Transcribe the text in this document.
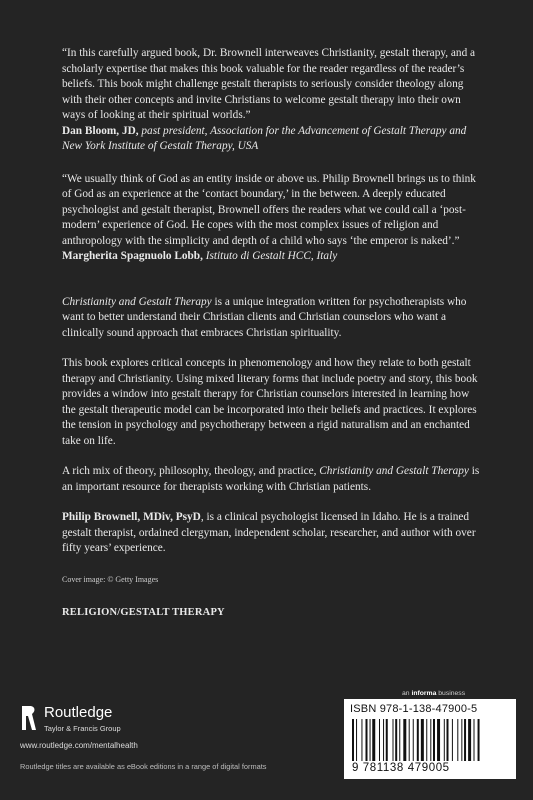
“In this carefully argued book, Dr. Brownell interweaves Christianity, gestalt therapy, and a scholarly expertise that makes this book valuable for the reader regardless of the reader’s beliefs. This book might challenge gestalt therapists to seriously consider theology along with their other concepts and invite Christians to welcome gestalt therapy into their own ways of looking at their spiritual worlds.”

Dan Bloom, JD, past president, Association for the Advancement of Gestalt Therapy and New York Institute of Gestalt Therapy, USA

“We usually think of God as an entity inside or above us. Philip Brownell brings us to think of God as an experience at the ‘contact boundary,’ in the between. A deeply educated psychologist and gestalt therapist, Brownell offers the readers what we could call a ‘post-modern’ experience of God. He copes with the most complex issues of religion and anthropology with the simplicity and depth of a child who says ‘the emperor is naked’.”

Margherita Spagnuolo Lobb, Istituto di Gestalt HCC, Italy

Christianity and Gestalt Therapy is a unique integration written for psychotherapists who want to better understand their Christian clients and Christian counselors who want a clinically sound approach that embraces Christian spirituality.

This book explores critical concepts in phenomenology and how they relate to both gestalt therapy and Christianity. Using mixed literary forms that include poetry and story, this book provides a window into gestalt therapy for Christian counselors interested in learning how the gestalt therapeutic model can be incorporated into their beliefs and practices. It explores the tension in psychology and psychotherapy between a rigid naturalism and an enchanted take on life.

A rich mix of theory, philosophy, theology, and practice, Christianity and Gestalt Therapy is an important resource for therapists working with Christian patients.

Philip Brownell, MDiv, PsyD, is a clinical psychologist licensed in Idaho. He is a trained gestalt therapist, ordained clergyman, independent scholar, researcher, and author with over fifty years’ experience.

Cover image: © Getty Images

RELIGION/GESTALT THERAPY

Routledge
Taylor & Francis Group
www.routledge.com/mentalhealth
Routledge titles are available as eBook editions in a range of digital formats
an informa business
ISBN 978-1-138-47900-5
9 781138 479005
